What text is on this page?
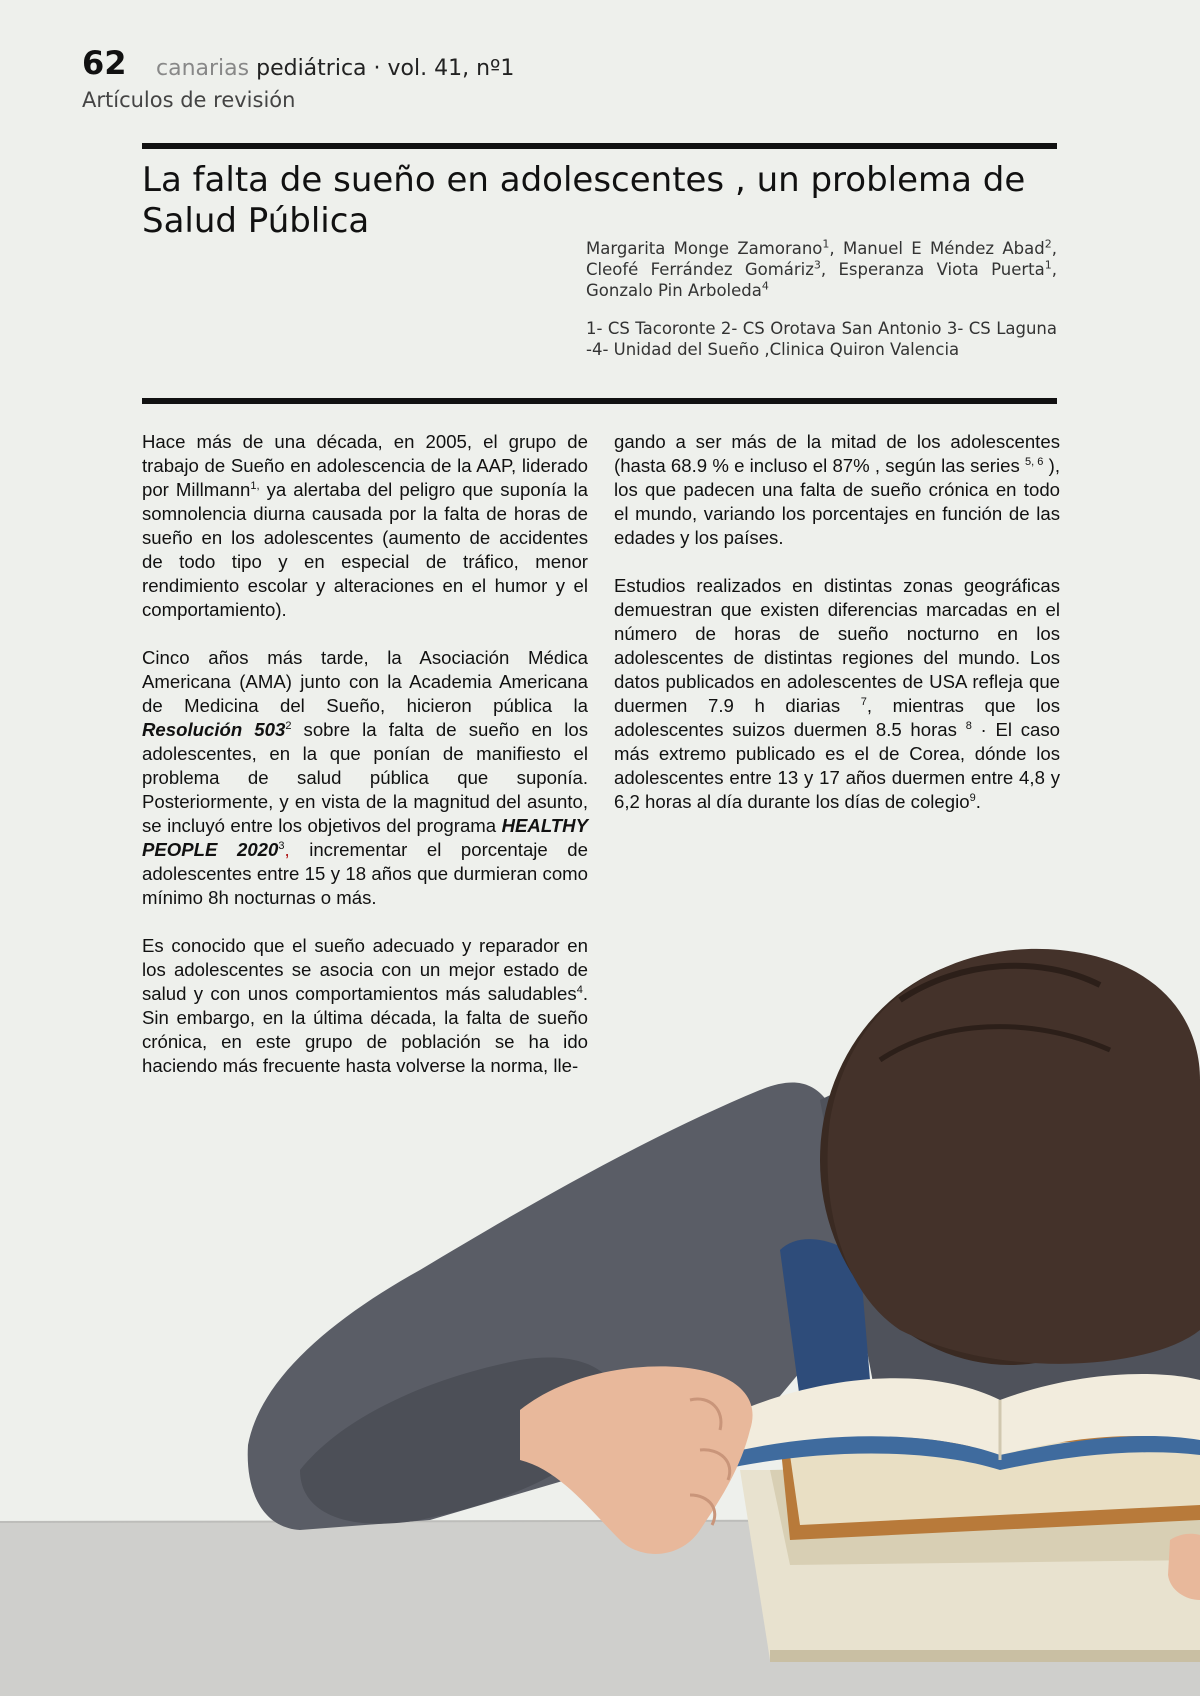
62 canarias pediátrica · vol. 41, nº1
Artículos de revisión
La falta de sueño en adolescentes , un problema de Salud Pública
Margarita Monge Zamorano$^1$, Manuel E Méndez Abad$^2$, Cleofé Ferrández Gomáriz$^3$, Esperanza Viota Puerta$^1$, Gonzalo Pin Arboleda$^4$
1- CS Tacoronte 2- CS Orotava San Antonio 3- CS Laguna -4- Unidad del Sueño ,Clinica Quiron Valencia

Hace más de una década, en 2005, el grupo de trabajo de Sueño en adolescencia de la AAP, liderado por Millmann$^{1,}$ ya alertaba del peligro que suponía la somnolencia diurna causada por la falta de horas de sueño en los adolescentes (aumento de accidentes de todo tipo y en especial de tráfico, menor rendimiento escolar y alteraciones en el humor y el comportamiento).

Cinco años más tarde, la Asociación Médica Americana (AMA) junto con la Academia Americana de Medicina del Sueño, hicieron pública la Resolución $503^2$ sobre la falta de sueño en los adolescentes, en la que ponían de manifiesto el problema de salud pública que suponía. Posteriormente, y en vista de la magnitud del asunto, se incluyó entre los objetivos del programa HEALTHY PEOPLE 2020$^3$, incrementar el porcentaje de adolescentes entre 15 y 18 años que durmieran como mínimo 8h nocturnas o más.

Es conocido que el sueño adecuado y reparador en los adolescentes se asocia con un mejor estado de salud y con unos comportamientos más saludables$^4$. Sin embargo, en la última década, la falta de sueño crónica, en este grupo de población se ha ido haciendo más frecuente hasta volverse la norma, lle-

gando a ser más de la mitad de los adolescentes (hasta 68.9 % e incluso el 87% , según las series $^{5, 6}$ ), los que padecen una falta de sueño crónica en todo el mundo, variando los porcentajes en función de las edades y los países.

Estudios realizados en distintas zonas geográficas demuestran que existen diferencias marcadas en el número de horas de sueño nocturno en los adolescentes de distintas regiones del mundo. Los datos publicados en adolescentes de USA refleja que duermen 7.9 h diarias $^7$, mientras que los adolescentes suizos duermen 8.5 horas $^8$ · El caso más extremo publicado es el de Corea, dónde los adolescentes entre 13 y 17 años duermen entre 4,8 y 6,2 horas al día durante los días de colegio$^9$.
